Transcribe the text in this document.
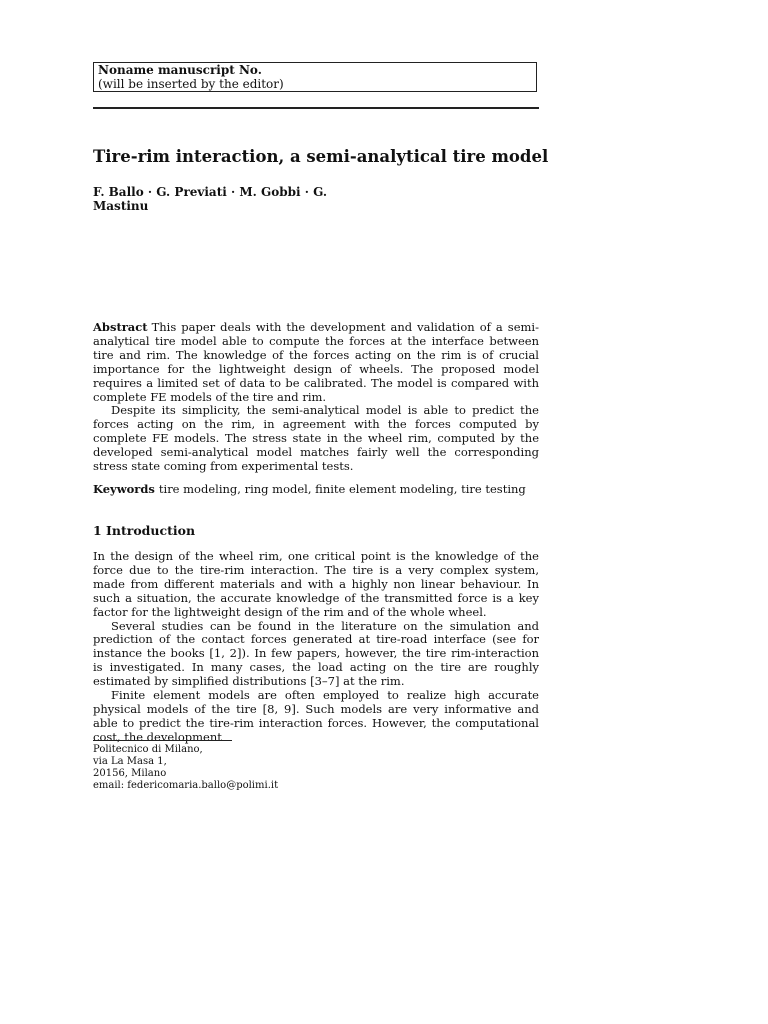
Noname manuscript No.
(will be inserted by the editor)
Tire-rim interaction, a semi-analytical tire model
F. Ballo · G. Previati · M. Gobbi · G.
Mastinu

Abstract This paper deals with the development and validation of a semi-analytical tire model able to compute the forces at the interface between tire and rim. The knowledge of the forces acting on the rim is of crucial importance for the lightweight design of wheels. The proposed model requires a limited set of data to be calibrated. The model is compared with complete FE models of the tire and rim.

Despite its simplicity, the semi-analytical model is able to predict the forces acting on the rim, in agreement with the forces computed by complete FE models. The stress state in the wheel rim, computed by the developed semi-analytical model matches fairly well the corresponding stress state coming from experimental tests.

Keywords tire modeling, ring model, finite element modeling, tire testing
1 Introduction

In the design of the wheel rim, one critical point is the knowledge of the force due to the tire-rim interaction. The tire is a very complex system, made from different materials and with a highly non linear behaviour. In such a situation, the accurate knowledge of the transmitted force is a key factor for the lightweight design of the rim and of the whole wheel.

Several studies can be found in the literature on the simulation and prediction of the contact forces generated at tire-road interface (see for instance the books [1, 2]). In few papers, however, the tire rim-interaction is investigated. In many cases, the load acting on the tire are roughly estimated by simplified distributions [3–7] at the rim.

Finite element models are often employed to realize high accurate physical models of the tire [8, 9]. Such models are very informative and able to predict the tire-rim interaction forces. However, the computational cost, the development

Politecnico di Milano,
via La Masa 1,
20156, Milano
email: federicomaria.ballo@polimi.it
